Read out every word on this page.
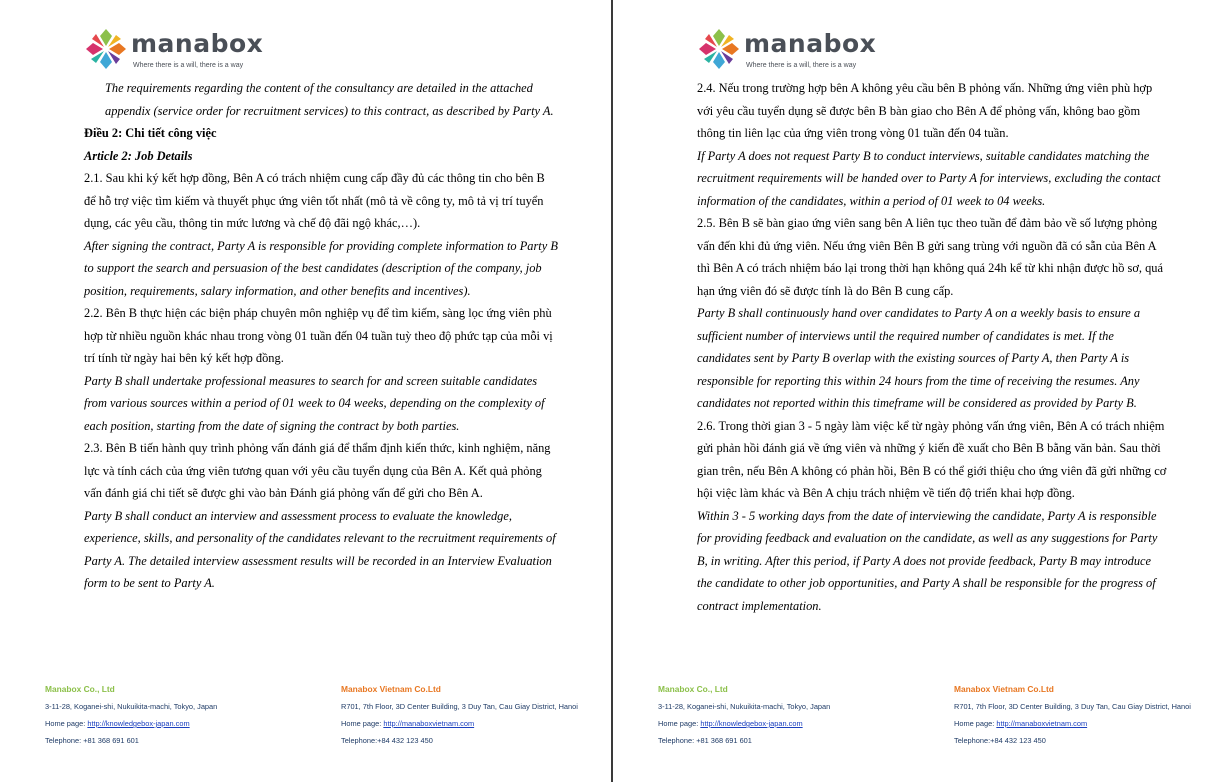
manabox
Where there is a will, there is a way

The requirements regarding the content of the consultancy are detailed in the attached appendix (service order for recruitment services) to this contract, as described by Party A.

Điều 2: Chi tiết công việc

Article 2: Job Details

2.1. Sau khi ký kết hợp đồng, Bên A có trách nhiệm cung cấp đầy đủ các thông tin cho bên B để hỗ trợ việc tìm kiếm và thuyết phục ứng viên tốt nhất (mô tả về công ty, mô tả vị trí tuyển dụng, các yêu cầu, thông tin mức lương và chế độ đãi ngộ khác,…).

After signing the contract, Party A is responsible for providing complete information to Party B to support the search and persuasion of the best candidates (description of the company, job position, requirements, salary information, and other benefits and incentives).

2.2. Bên B thực hiện các biện pháp chuyên môn nghiệp vụ để tìm kiếm, sàng lọc ứng viên phù hợp từ nhiều nguồn khác nhau trong vòng 01 tuần đến 04 tuần tuỳ theo độ phức tạp của mỗi vị trí tính từ ngày hai bên ký kết hợp đồng.

Party B shall undertake professional measures to search for and screen suitable candidates from various sources within a period of 01 week to 04 weeks, depending on the complexity of each position, starting from the date of signing the contract by both parties.

2.3. Bên B tiến hành quy trình phỏng vấn đánh giá để thẩm định kiến thức, kinh nghiệm, năng lực và tính cách của ứng viên tương quan với yêu cầu tuyển dụng của Bên A. Kết quả phỏng vấn đánh giá chi tiết sẽ được ghi vào bản Đánh giá phỏng vấn để gửi cho Bên A.

Party B shall conduct an interview and assessment process to evaluate the knowledge, experience, skills, and personality of the candidates relevant to the recruitment requirements of Party A. The detailed interview assessment results will be recorded in an Interview Evaluation form to be sent to Party A.

Manabox Co., Ltd
3-11-28, Koganei-shi, Nukuikita-machi, Tokyo, Japan
Home page: http://knowledgebox-japan.com
Telephone: +81 368 691 601
Manabox Vietnam Co.Ltd
R701, 7th Floor, 3D Center Building, 3 Duy Tan, Cau Giay District, Hanoi
Home page: http://manaboxvietnam.com
Telephone:+84 432 123 450
manabox
Where there is a will, there is a way

2.4. Nếu trong trường hợp bên A không yêu cầu bên B phỏng vấn. Những ứng viên phù hợp với yêu cầu tuyển dụng sẽ được bên B bàn giao cho Bên A để phỏng vấn, không bao gồm thông tin liên lạc của ứng viên trong vòng 01 tuần đến 04 tuần.

If Party A does not request Party B to conduct interviews, suitable candidates matching the recruitment requirements will be handed over to Party A for interviews, excluding the contact information of the candidates, within a period of 01 week to 04 weeks.

2.5. Bên B sẽ bàn giao ứng viên sang bên A liên tục theo tuần để đảm bảo về số lượng phỏng vấn đến khi đủ ứng viên. Nếu ứng viên Bên B gửi sang trùng với nguồn đã có sẵn của Bên A thì Bên A có trách nhiệm báo lại trong thời hạn không quá 24h kể từ khi nhận được hồ sơ, quá hạn ứng viên đó sẽ được tính là do Bên B cung cấp.

Party B shall continuously hand over candidates to Party A on a weekly basis to ensure a sufficient number of interviews until the required number of candidates is met. If the candidates sent by Party B overlap with the existing sources of Party A, then Party A is responsible for reporting this within 24 hours from the time of receiving the resumes. Any candidates not reported within this timeframe will be considered as provided by Party B.

2.6. Trong thời gian 3 - 5 ngày làm việc kể từ ngày phỏng vấn ứng viên, Bên A có trách nhiệm gửi phản hồi đánh giá về ứng viên và những ý kiến đề xuất cho Bên B bằng văn bản. Sau thời gian trên, nếu Bên A không có phản hồi, Bên B có thể giới thiệu cho ứng viên đã gửi những cơ hội việc làm khác và Bên A chịu trách nhiệm về tiến độ triển khai hợp đồng.

Within 3 - 5 working days from the date of interviewing the candidate, Party A is responsible for providing feedback and evaluation on the candidate, as well as any suggestions for Party B, in writing. After this period, if Party A does not provide feedback, Party B may introduce the candidate to other job opportunities, and Party A shall be responsible for the progress of contract implementation.

Manabox Co., Ltd
3-11-28, Koganei-shi, Nukuikita-machi, Tokyo, Japan
Home page: http://knowledgebox-japan.com
Telephone: +81 368 691 601
Manabox Vietnam Co.Ltd
R701, 7th Floor, 3D Center Building, 3 Duy Tan, Cau Giay District, Hanoi
Home page: http://manaboxvietnam.com
Telephone:+84 432 123 450
